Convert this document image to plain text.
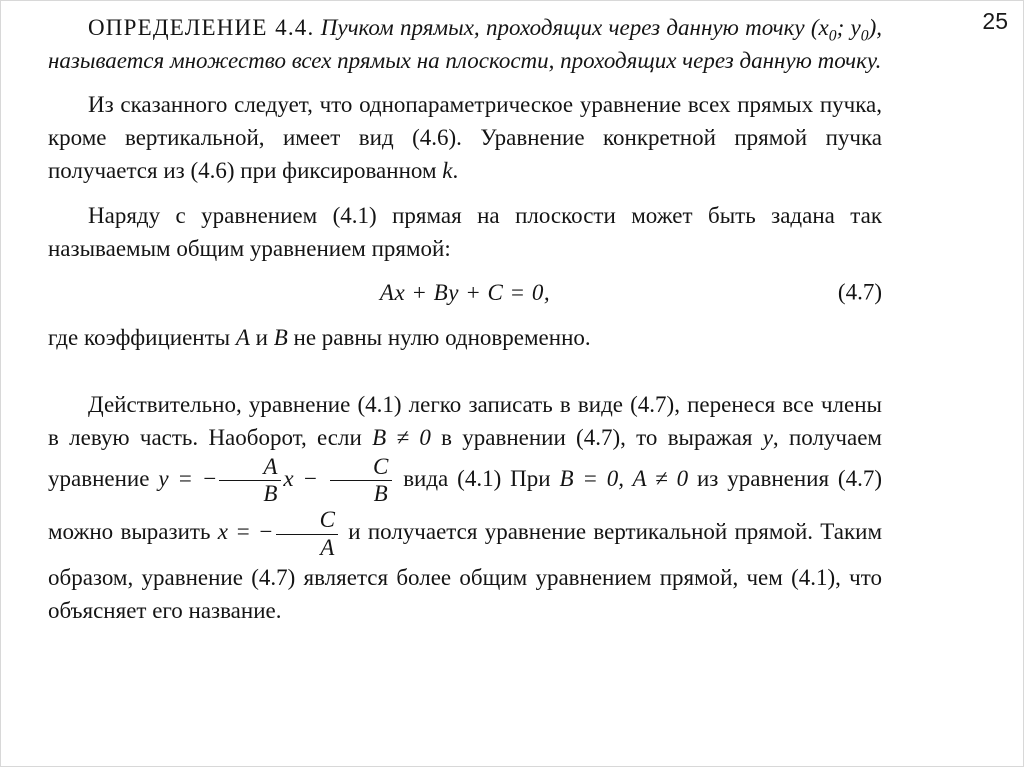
25

ОПРЕДЕЛЕНИЕ 4.4. Пучком прямых, проходящих через данную точку ($x_0$; $y_0$), называется множество всех прямых на плоскости, проходящих через данную точку.

Из сказанного следует, что однопараметрическое уравнение всех прямых пучка, кроме вертикальной, имеет вид (4.6). Уравнение конкретной прямой пучка получается из (4.6) при фиксированном k.

Наряду с уравнением (4.1) прямая на плоскости может быть задана так называемым общим уравнением прямой:

Ax + By + C = 0,	(4.7)

где коэффициенты A и B не равны нулю одновременно.

Действительно, уравнение (4.1) легко записать в виде (4.7), перенеся все члены в левую часть. Наоборот, если B ≠ 0 в уравнении (4.7), то выражая y, получаем уравнение y = − $\frac{A}{B}$ $x - \frac{C}{B}$ вида (4.1) При B = 0, A ≠ 0 из уравнения (4.7) можно выразить x = − $\frac{C}{A}$ и получается уравнение вертикальной прямой. Таким образом, уравнение (4.7) является более общим уравнением прямой, чем (4.1), что объясняет его название.
